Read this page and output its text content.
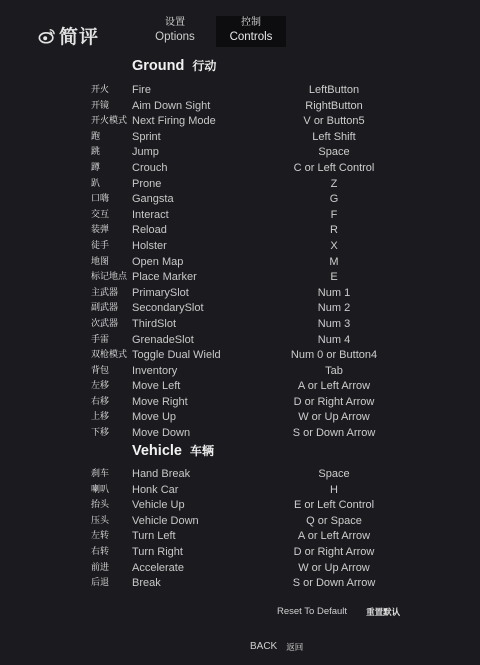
简评
设置
Options
控制
Controls
Ground 行动
开火 Fire	LeftButton
开镜 Aim Down Sight	RightButton
开火模式 Next Firing Mode	V or Button5
跑	Sprint	Left Shift
跳	Jump	Space
蹲	Crouch	C or Left Control
趴	Prone	Z
口嗨 Gangsta	G
交互 Interact	F
装弹 Reload	R
徒手 Holster	X
地图 Open Map	M
标记地点 Place Marker	E
主武器 PrimarySlot	Num 1
副武器 SecondarySlot	Num 2
次武器 ThirdSlot	Num 3
手雷 GrenadeSlot	Num 4
双枪模式 Toggle Dual Wield	Num 0 or Button4
背包 Inventory	Tab
左移 Move Left	A or Left Arrow
右移 Move Right	D or Right Arrow
上移 Move Up	W or Up Arrow
下移 Move Down	S or Down Arrow
Vehicle 车辆
刹车 Hand Break	Space
喇叭 Honk Car	H
抬头 Vehicle Up	E or Left Control
压头 Vehicle Down	Q or Space
左转 Turn Left	A or Left Arrow
右转 Turn Right	D or Right Arrow
前进 Accelerate	W or Up Arrow
后退 Break	S or Down Arrow
Reset To Default 重置默认
BACK 返回
